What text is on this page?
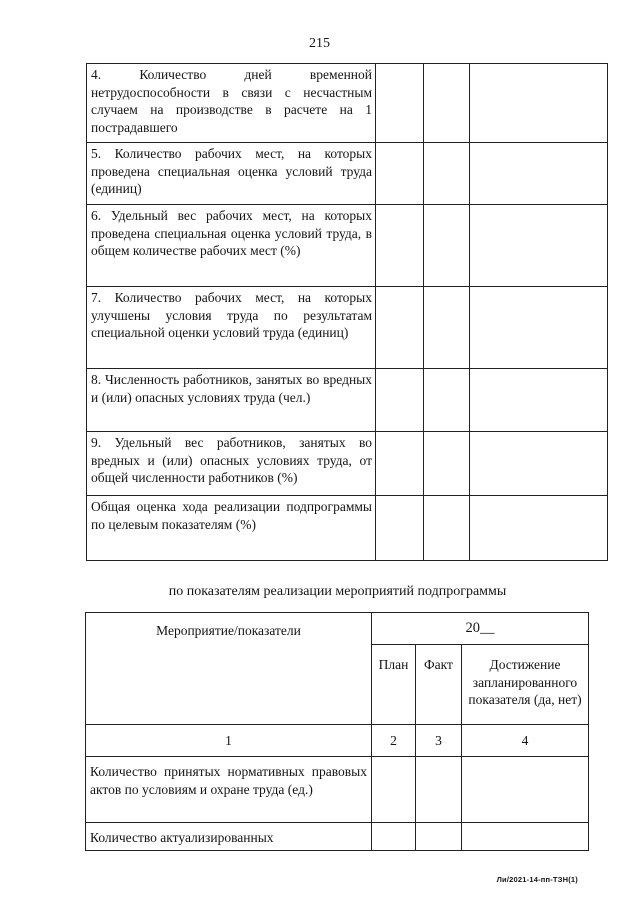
215
4. Количество дней временной нетрудоспособности в связи с несчастным случаем на производстве в расчете на 1 пострадавшего			
5. Количество рабочих мест, на которых проведена специальная оценка условий труда (единиц)			
6. Удельный вес рабочих мест, на которых проведена специальная оценка условий труда, в общем количестве рабочих мест (%)			
7. Количество рабочих мест, на которых улучшены условия труда по результатам специальной оценки условий труда (единиц)			
8. Численность работников, занятых во вредных и (или) опасных условиях труда (чел.)			
9. Удельный вес работников, занятых во вредных и (или) опасных условиях труда, от общей численности работников (%)			
Общая оценка хода реализации подпрограммы по целевым показателям (%)			
по показателям реализации мероприятий подпрограммы
Мероприятие/показатели	20__		
	План	Факт	Достижение запланированного показателя (да, нет)
1	2	3	4
Количество принятых нормативных правовых актов по условиям и охране труда (ед.)			
Количество актуализированных			
Ли/2021-14-пп-ТЗН(1)
